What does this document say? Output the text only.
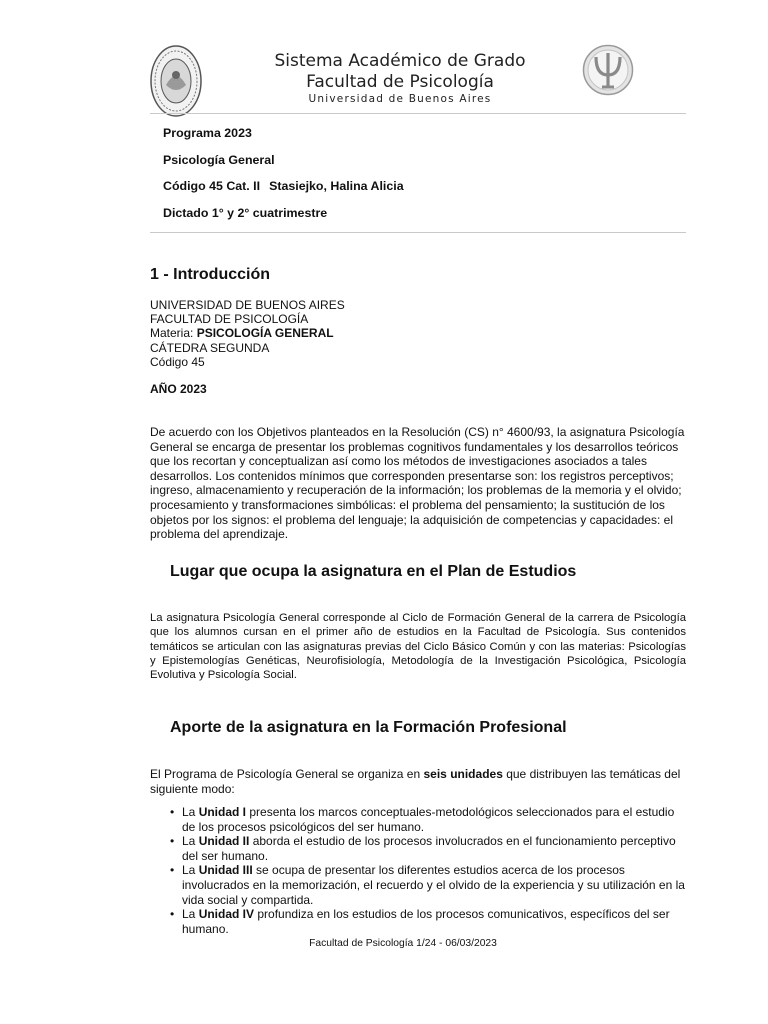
Sistema Académico de Grado
Facultad de Psicología
Universidad de Buenos Aires
Programa 2023
Psicología General
Código 45 Cat. II Stasiejko, Halina Alicia
Dictado 1° y 2° cuatrimestre
1 - Introducción
UNIVERSIDAD DE BUENOS AIRES
FACULTAD DE PSICOLOGÍA
Materia: PSICOLOGÍA GENERAL
CÁTEDRA SEGUNDA
Código 45
AÑO 2023
De acuerdo con los Objetivos planteados en la Resolución (CS) n° 4600/93, la asignatura Psicología General se encarga de presentar los problemas cognitivos fundamentales y los desarrollos teóricos que los recortan y conceptualizan así como los métodos de investigaciones asociados a tales desarrollos. Los contenidos mínimos que corresponden presentarse son: los registros perceptivos; ingreso, almacenamiento y recuperación de la información; los problemas de la memoria y el olvido; procesamiento y transformaciones simbólicas: el problema del pensamiento; la sustitución de los objetos por los signos: el problema del lenguaje; la adquisición de competencias y capacidades: el problema del aprendizaje.
Lugar que ocupa la asignatura en el Plan de Estudios
La asignatura Psicología General corresponde al Ciclo de Formación General de la carrera de Psicología que los alumnos cursan en el primer año de estudios en la Facultad de Psicología. Sus contenidos temáticos se articulan con las asignaturas previas del Ciclo Básico Común y con las materias: Psicologías y Epistemologías Genéticas, Neurofisiología, Metodología de la Investigación Psicológica, Psicología Evolutiva y Psicología Social.
Aporte de la asignatura en la Formación Profesional
El Programa de Psicología General se organiza en seis unidades que distribuyen las temáticas del siguiente modo:
• La Unidad I presenta los marcos conceptuales-metodológicos seleccionados para el estudio de los procesos psicológicos del ser humano.
• La Unidad II aborda el estudio de los procesos involucrados en el funcionamiento perceptivo del ser humano.
• La Unidad III se ocupa de presentar los diferentes estudios acerca de los procesos involucrados en la memorización, el recuerdo y el olvido de la experiencia y su utilización en la vida social y compartida.
• La Unidad IV profundiza en los estudios de los procesos comunicativos, específicos del ser humano.
Facultad de Psicología 1/24 - 06/03/2023
